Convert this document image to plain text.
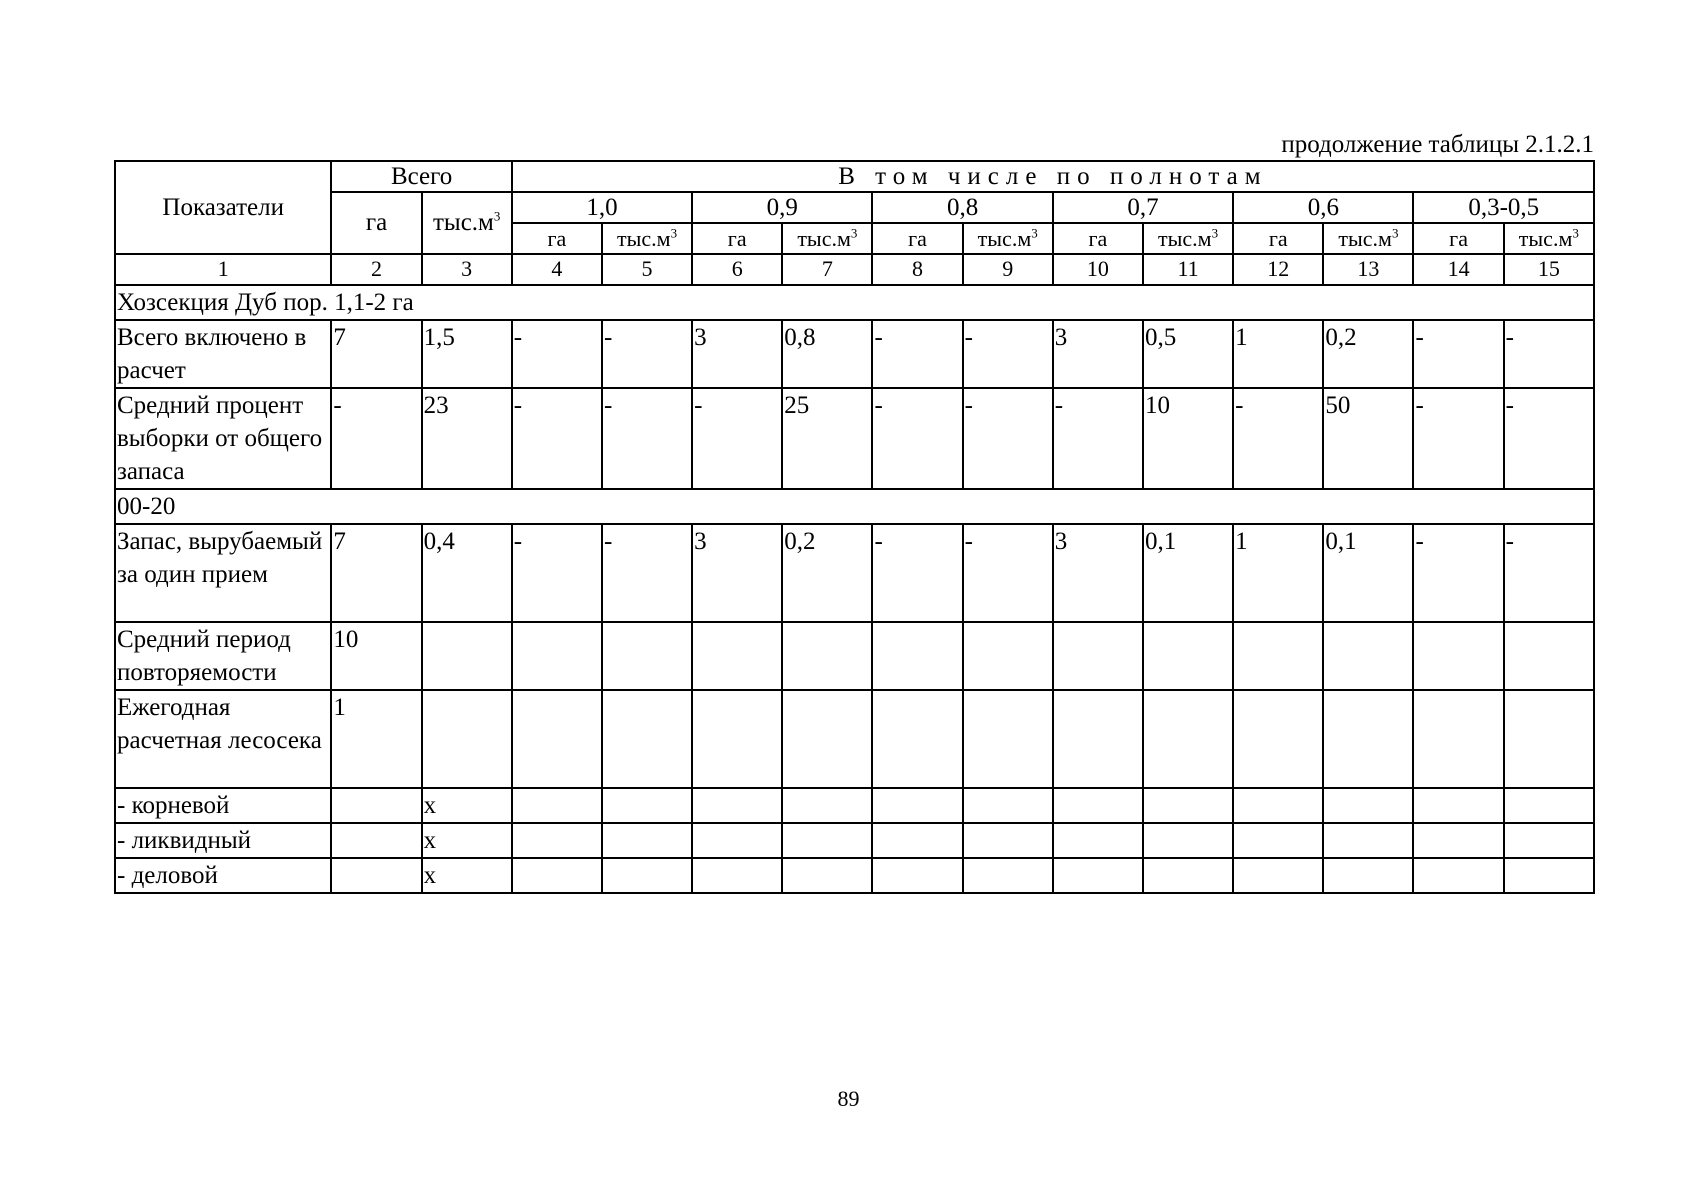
продолжение таблицы 2.1.2.1
Показатели	Всего		В том числе по полнотам											
	га	$тыс.м^3$	1,0		0,9		0,8		0,7		0,6		0,3-0,5	
			га	$тыс.м^3$	га	$тыс.м^3$	га	$тыс.м^3$	га	$тыс.м^3$	га	$тыс.м^3$	га	$тыс.м^3$
1	2	3	4	5	6	7	8	9	10	11	12	13	14	15
Хозсекция Дуб пор. 1,1-2 га														
Всего включено в расчет	7	1,5	-	-	3	0,8	-	-	3	0,5	1	0,2	-	-
Средний процент выборки от общего запаса	-	23	-	-	-	25	-	-	-	10	-	50	-	-
00-20														
Запас, вырубаемый за один прием	7	0,4	-	-	3	0,2	-	-	3	0,1	1	0,1	-	-
Средний период повторяемости	10													
Ежегодная расчетная лесосека	1													
- корневой		х												
- ликвидный		х												
- деловой		х												
89
